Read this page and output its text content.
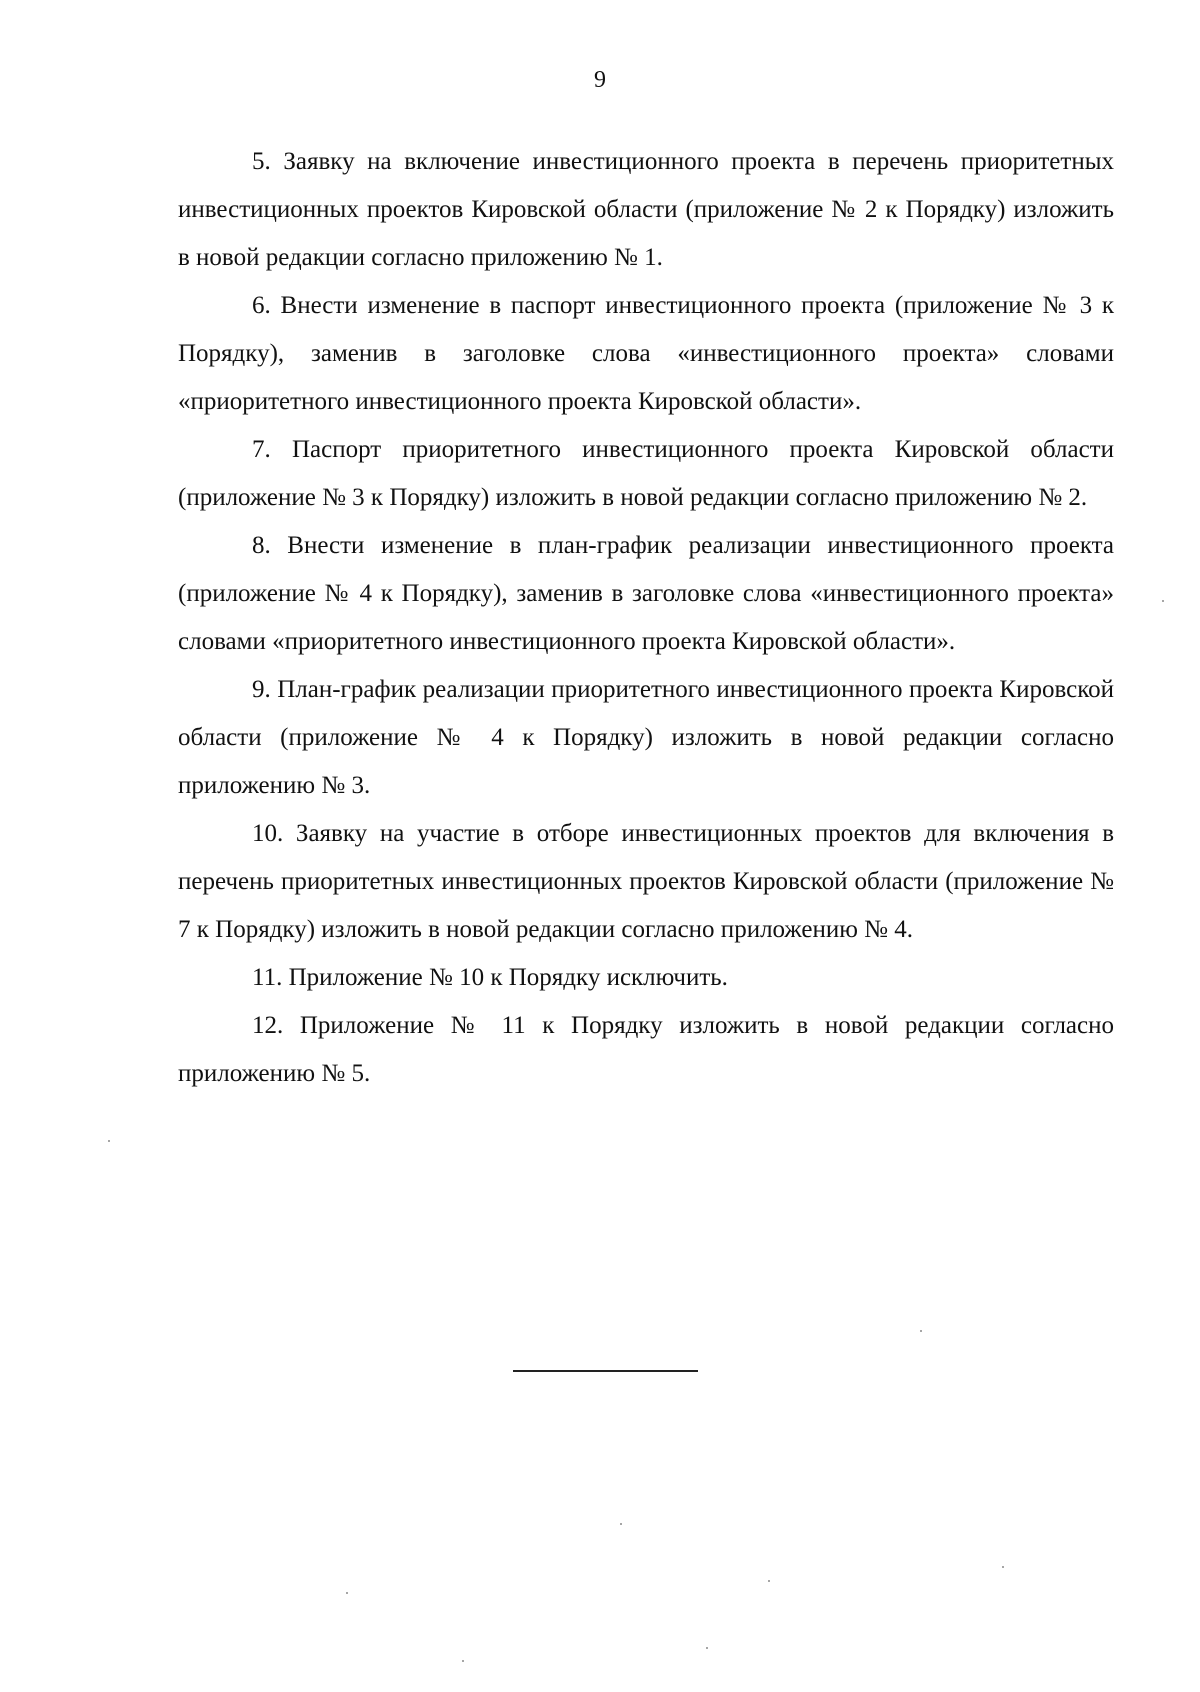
9

5. Заявку на включение инвестиционного проекта в перечень приоритетных инвестиционных проектов Кировской области (приложение № 2 к Порядку) изложить в новой редакции согласно приложению № 1.

6. Внести изменение в паспорт инвестиционного проекта (приложение № 3 к Порядку), заменив в заголовке слова «инвестиционного проекта» словами «приоритетного инвестиционного проекта Кировской области».

7. Паспорт приоритетного инвестиционного проекта Кировской области (приложение № 3 к Порядку) изложить в новой редакции согласно приложению № 2.

8. Внести изменение в план-график реализации инвестиционного проекта (приложение № 4 к Порядку), заменив в заголовке слова «инвестиционного проекта» словами «приоритетного инвестиционного проекта Кировской области».

9. План-график реализации приоритетного инвестиционного проекта Кировской области (приложение № 4 к Порядку) изложить в новой редакции согласно приложению № 3.

10. Заявку на участие в отборе инвестиционных проектов для включения в перечень приоритетных инвестиционных проектов Кировской области (приложение № 7 к Порядку) изложить в новой редакции согласно приложению № 4.

11. Приложение № 10 к Порядку исключить.

12. Приложение № 11 к Порядку изложить в новой редакции согласно приложению № 5.
